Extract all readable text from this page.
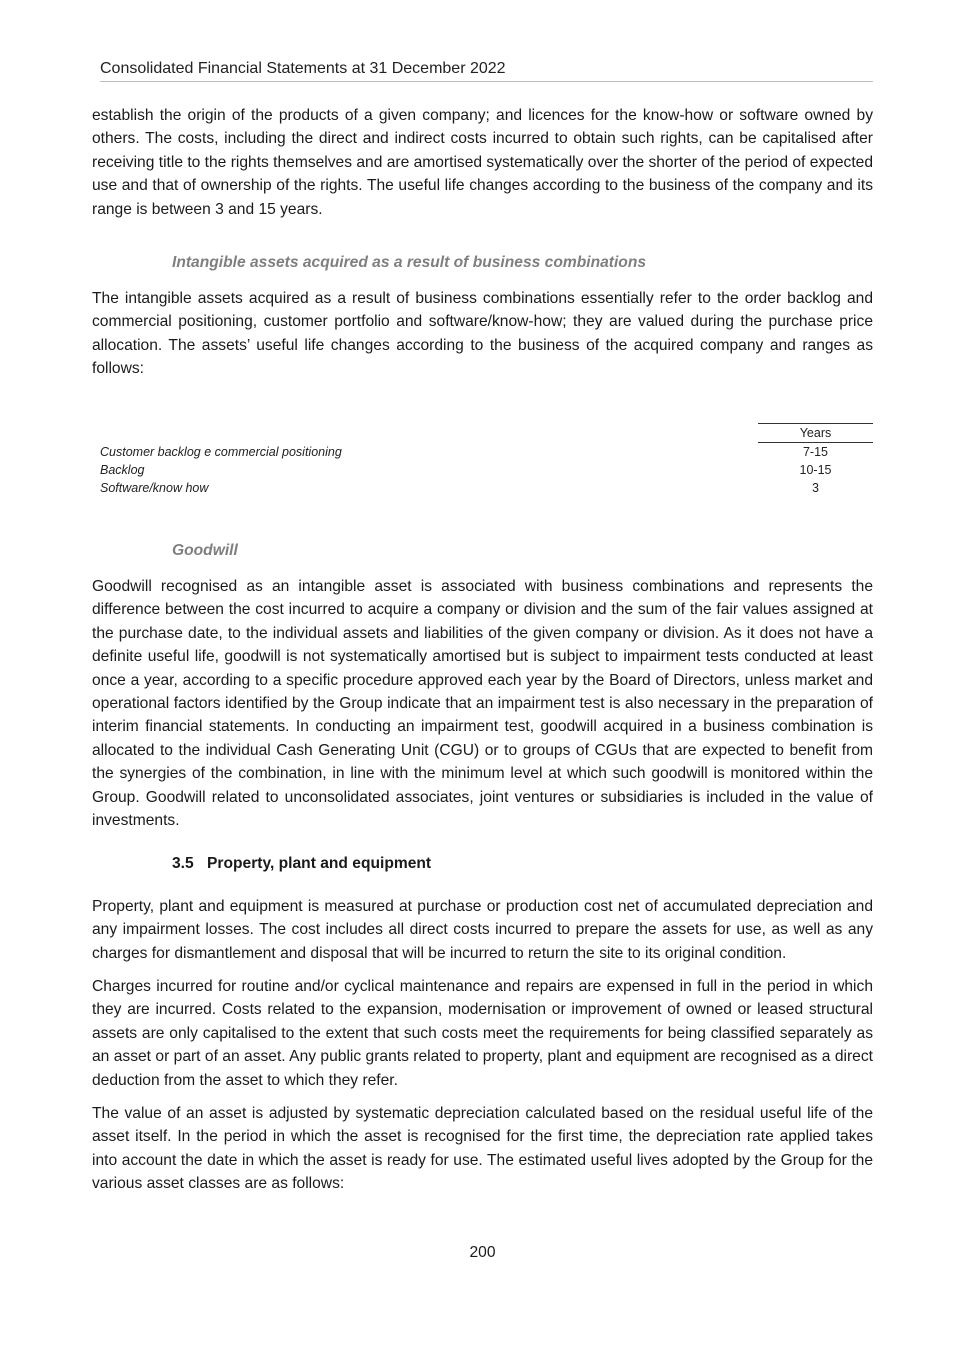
Consolidated Financial Statements at 31 December 2022

establish the origin of the products of a given company; and licences for the know-how or software owned by others. The costs, including the direct and indirect costs incurred to obtain such rights, can be capitalised after receiving title to the rights themselves and are amortised systematically over the shorter of the period of expected use and that of ownership of the rights. The useful life changes according to the business of the company and its range is between 3 and 15 years.

Intangible assets acquired as a result of business combinations

The intangible assets acquired as a result of business combinations essentially refer to the order backlog and commercial positioning, customer portfolio and software/know-how; they are valued during the purchase price allocation. The assets’ useful life changes according to the business of the acquired company and ranges as follows:

Years
Customer backlog e commercial positioning	7-15
Backlog	10-15
Software/know how	3
Goodwill

Goodwill recognised as an intangible asset is associated with business combinations and represents the difference between the cost incurred to acquire a company or division and the sum of the fair values assigned at the purchase date, to the individual assets and liabilities of the given company or division. As it does not have a definite useful life, goodwill is not systematically amortised but is subject to impairment tests conducted at least once a year, according to a specific procedure approved each year by the Board of Directors, unless market and operational factors identified by the Group indicate that an impairment test is also necessary in the preparation of interim financial statements. In conducting an impairment test, goodwill acquired in a business combination is allocated to the individual Cash Generating Unit (CGU) or to groups of CGUs that are expected to benefit from the synergies of the combination, in line with the minimum level at which such goodwill is monitored within the Group. Goodwill related to unconsolidated associates, joint ventures or subsidiaries is included in the value of investments.

3.5 Property, plant and equipment

Property, plant and equipment is measured at purchase or production cost net of accumulated depreciation and any impairment losses. The cost includes all direct costs incurred to prepare the assets for use, as well as any charges for dismantlement and disposal that will be incurred to return the site to its original condition.

Charges incurred for routine and/or cyclical maintenance and repairs are expensed in full in the period in which they are incurred. Costs related to the expansion, modernisation or improvement of owned or leased structural assets are only capitalised to the extent that such costs meet the requirements for being classified separately as an asset or part of an asset. Any public grants related to property, plant and equipment are recognised as a direct deduction from the asset to which they refer.

The value of an asset is adjusted by systematic depreciation calculated based on the residual useful life of the asset itself. In the period in which the asset is recognised for the first time, the depreciation rate applied takes into account the date in which the asset is ready for use. The estimated useful lives adopted by the Group for the various asset classes are as follows:

200
